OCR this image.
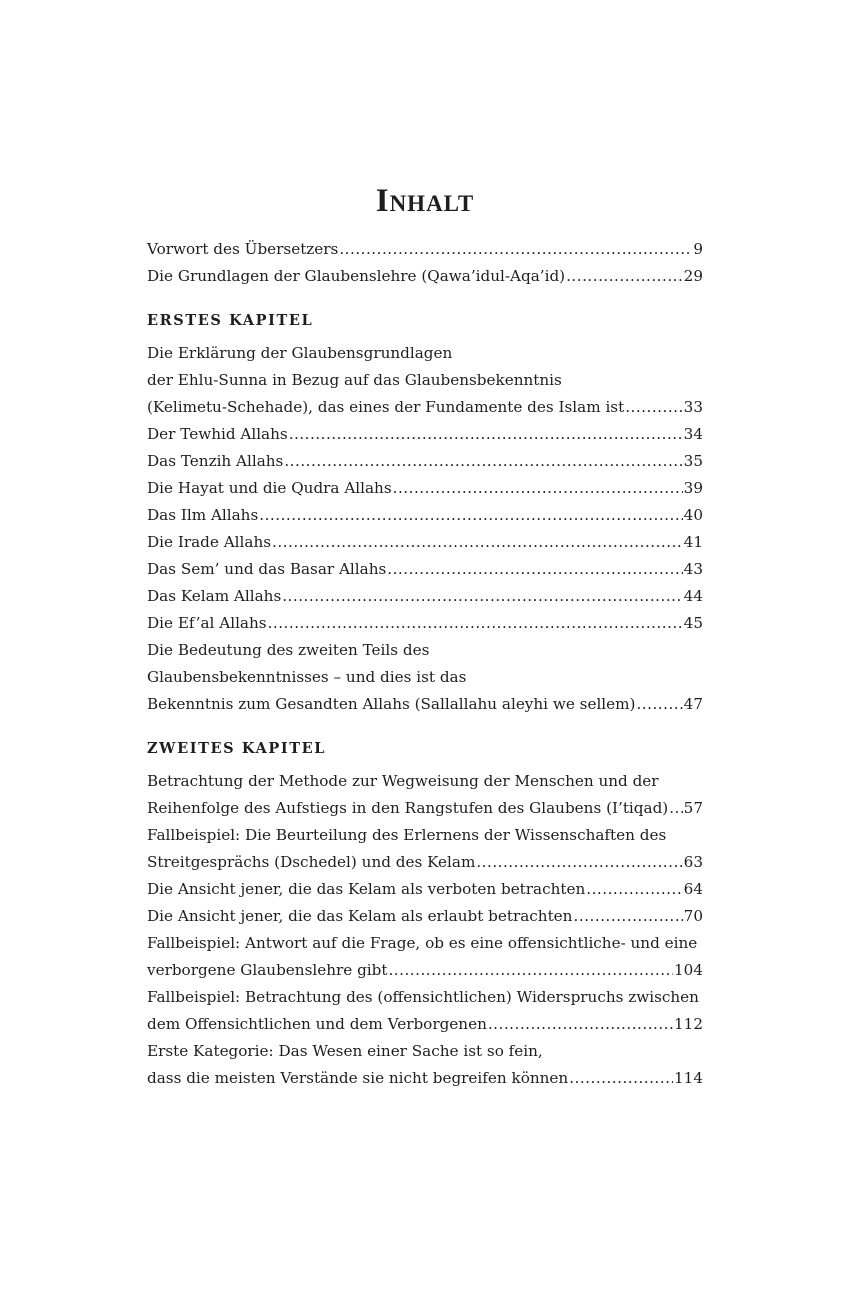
Inhalt
Vorwort des Übersetzers .....	9
Die Grundlagen der Glaubenslehre (Qawa’idul-Aqa’id) .....	29
ERSTES KAPITEL
Die Erklärung der Glaubensgrundlagen
der Ehlu-Sunna in Bezug auf das Glaubensbekenntnis
(Kelimetu-Schehade), das eines der Fundamente des Islam ist .....	33
Der Tewhid Allahs .....	34
Das Tenzih Allahs .....	35
Die Hayat und die Qudra Allahs .....	39
Das Ilm Allahs .....	40
Die Irade Allahs .....	41
Das Sem’ und das Basar Allahs .....	43
Das Kelam Allahs .....	44
Die Ef’al Allahs .....	45
Die Bedeutung des zweiten Teils des
Glaubensbekenntnisses – und dies ist das
Bekenntnis zum Gesandten Allahs (Sallallahu aleyhi we sellem) .....	47
ZWEITES KAPITEL
Betrachtung der Methode zur Wegweisung der Menschen und der
Reihenfolge des Aufstiegs in den Rangstufen des Glaubens (I’tiqad) ..... 57
Fallbeispiel: Die Beurteilung des Erlernens der Wissenschaften des
Streitgesprächs (Dschedel) und des Kelam .....	63
Die Ansicht jener, die das Kelam als verboten betrachten .....	64
Die Ansicht jener, die das Kelam als erlaubt betrachten .....	70
Fallbeispiel: Antwort auf die Frage, ob es eine offensichtliche- und eine
verborgene Glaubenslehre gibt .....	104
Fallbeispiel: Betrachtung des (offensichtlichen) Widerspruchs zwischen
dem Offensichtlichen und dem Verborgenen .....	112
Erste Kategorie: Das Wesen einer Sache ist so fein,
dass die meisten Verstände sie nicht begreifen können .....	114
